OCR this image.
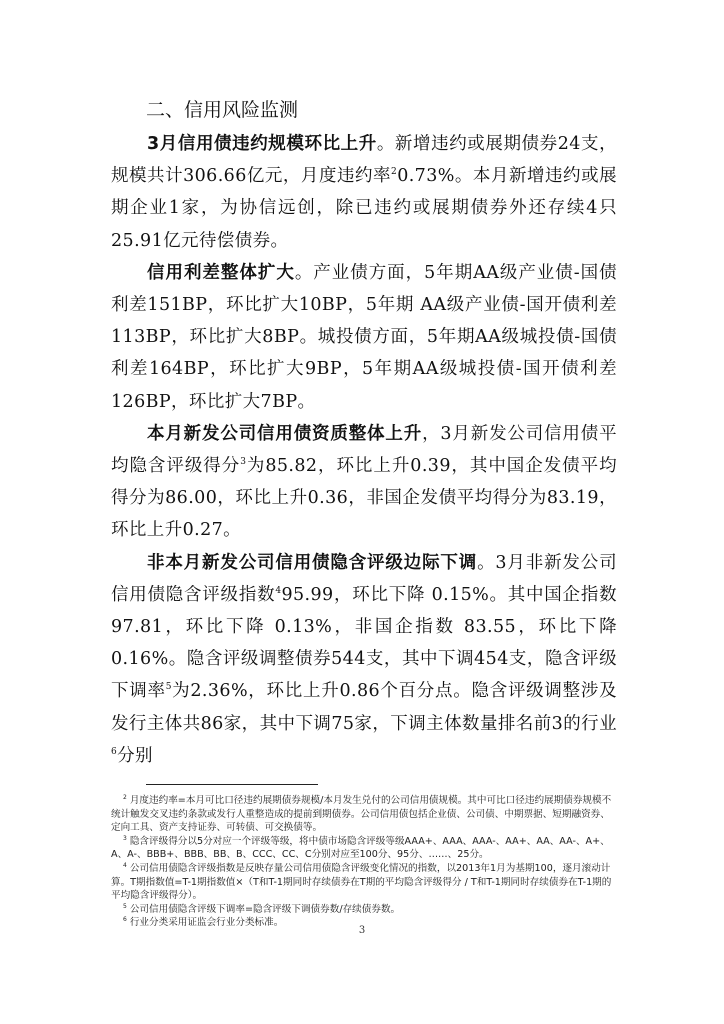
二、信用风险监测

3月信用债违约规模环比上升。新增违约或展期债券24支，规模共计306.66亿元，月度违约率$^2$0.73%。本月新增违约或展期企业1家，为协信远创，除已违约或展期债券外还存续4只25.91亿元待偿债券。

信用利差整体扩大。产业债方面，5年期AA级产业债-国债利差151BP，环比扩大10BP，5年期 AA级产业债-国开债利差113BP，环比扩大8BP。城投债方面，5年期AA级城投债-国债利差164BP，环比扩大9BP，5年期AA级城投债-国开债利差126BP，环比扩大7BP。

本月新发公司信用债资质整体上升，3月新发公司信用债平均隐含评级得分$^3$为85.82，环比上升0.39，其中国企发债平均得分为86.00，环比上升0.36，非国企发债平均得分为83.19，环比上升0.27。

非本月新发公司信用债隐含评级边际下调。3月非新发公司信用债隐含评级指数$^4$95.99，环比下降 0.15%。其中国企指数97.81，环比下降 0.13%，非国企指数 83.55，环比下降 0.16%。隐含评级调整债券544支，其中下调454支，隐含评级下调率$^5$为2.36%，环比上升0.86个百分点。隐含评级调整涉及发行主体共86家，其中下调75家，下调主体数量排名前3的行业$^6$分别

$^2$ 月度违约率=本月可比口径违约展期债券规模/本月发生兑付的公司信用债规模。其中可比口径违约展期债券规模不统计触发交叉违约条款或发行人重整造成的提前到期债券。公司信用债包括企业债、公司债、中期票据、短期融资券、定向工具、资产支持证券、可转债、可交换债等。

$^3$ 隐含评级得分以5分对应一个评级等级，将中债市场隐含评级等级AAA+、AAA、AAA-、AA+、AA、AA-、A+、A、A-、BBB+、BBB、BB、B、CCC、CC、C分别对应至100分、95分、……、25分。

$^4$ 公司信用债隐含评级指数是反映存量公司信用债隐含评级变化情况的指数，以2013年1月为基期100，逐月滚动计算。T期指数值=T-1期指数值×（T和T-1期同时存续债券在T期的平均隐含评级得分 / T和T-1期同时存续债券在T-1期的平均隐含评级得分）。

$^5$ 公司信用债隐含评级下调率=隐含评级下调债券数/存续债券数。

$^6$ 行业分类采用证监会行业分类标准。

3
